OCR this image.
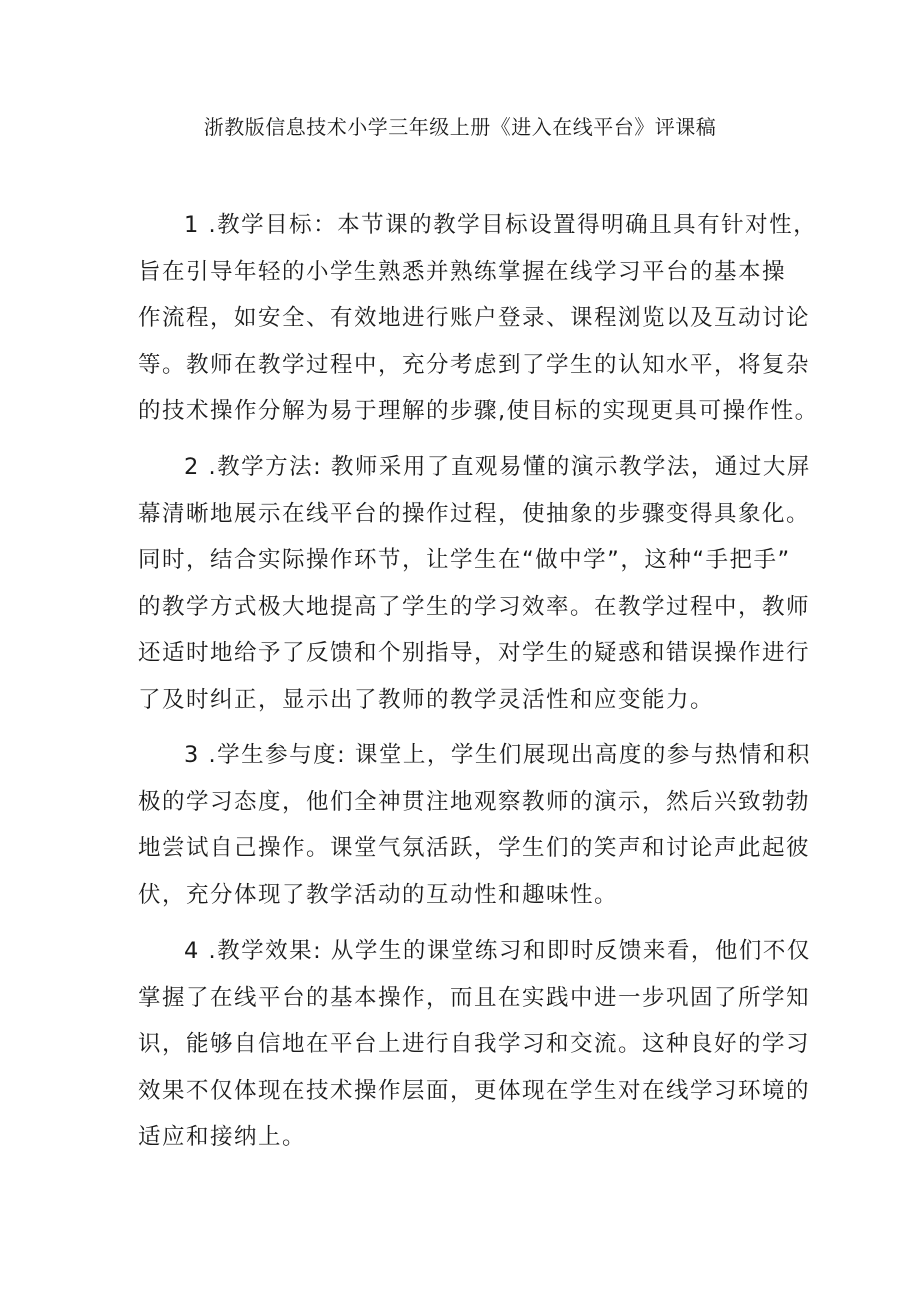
浙教版信息技术小学三年级上册《进入在线平台》评课稿
1 .教学目标：本节课的教学目标设置得明确且具有针对性，
旨在引导年轻的小学生熟悉并熟练掌握在线学习平台的基本操
作流程，如安全、有效地进行账户登录、课程浏览以及互动讨论
等。教师在教学过程中，充分考虑到了学生的认知水平，将复杂
的技术操作分解为易于理解的步骤,使目标的实现更具可操作性。
2 .教学方法: 教师采用了直观易懂的演示教学法，通过大屏
幕清晰地展示在线平台的操作过程，使抽象的步骤变得具象化。
同时，结合实际操作环节，让学生在“做中学”，这种“手把手”
的教学方式极大地提高了学生的学习效率。在教学过程中，教师
还适时地给予了反馈和个别指导，对学生的疑惑和错误操作进行
了及时纠正，显示出了教师的教学灵活性和应变能力。
3 .学生参与度: 课堂上，学生们展现出高度的参与热情和积
极的学习态度，他们全神贯注地观察教师的演示，然后兴致勃勃
地尝试自己操作。课堂气氛活跃，学生们的笑声和讨论声此起彼
伏，充分体现了教学活动的互动性和趣味性。
4 .教学效果: 从学生的课堂练习和即时反馈来看，他们不仅
掌握了在线平台的基本操作，而且在实践中进一步巩固了所学知
识，能够自信地在平台上进行自我学习和交流。这种良好的学习
效果不仅体现在技术操作层面，更体现在学生对在线学习环境的
适应和接纳上。
